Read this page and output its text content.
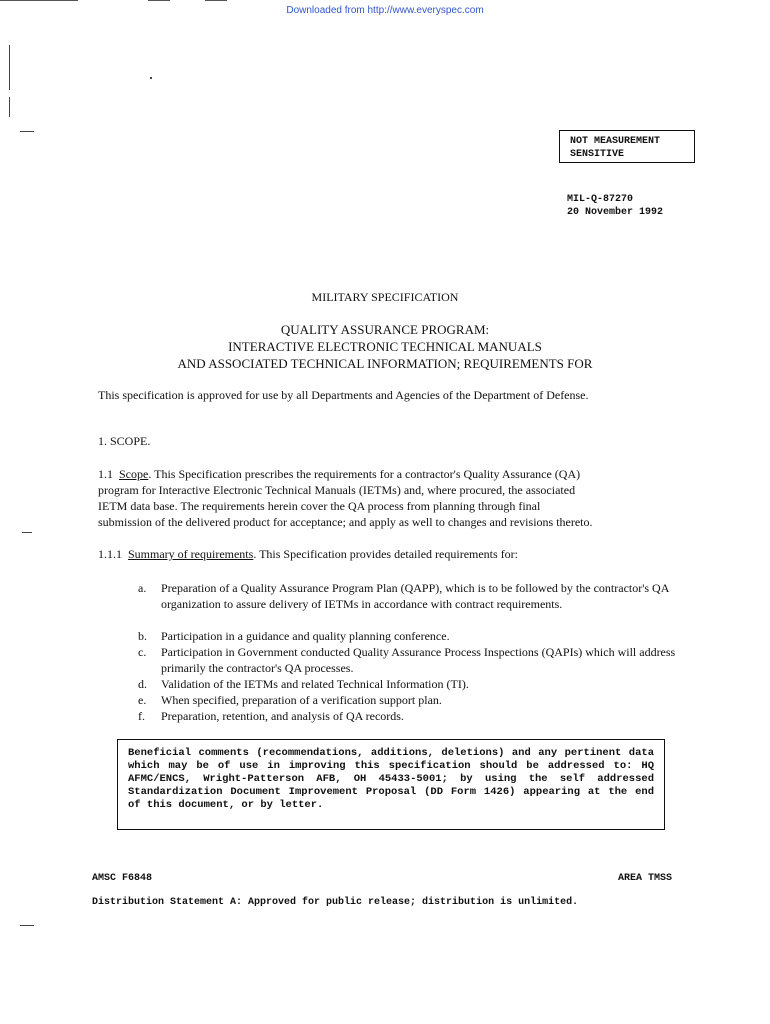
Downloaded from http://www.everyspec.com
NOT MEASUREMENT
SENSITIVE
MIL-Q-87270
20 November 1992
MILITARY SPECIFICATION
QUALITY ASSURANCE PROGRAM:
INTERACTIVE ELECTRONIC TECHNICAL MANUALS
AND ASSOCIATED TECHNICAL INFORMATION; REQUIREMENTS FOR
This specification is approved for use by all Departments and Agencies of the Department of Defense.
1. SCOPE.
1.1 Scope. This Specification prescribes the requirements for a contractor's Quality Assurance (QA)
program for Interactive Electronic Technical Manuals (IETMs) and, where procured, the associated
IETM data base. The requirements herein cover the QA process from planning through final
submission of the delivered product for acceptance; and apply as well to changes and revisions thereto.
1.1.1 Summary of requirements. This Specification provides detailed requirements for:
a. Preparation of a Quality Assurance Program Plan (QAPP), which is to be followed by the contractor's QA organization to assure delivery of IETMs in accordance with contract requirements.
b. Participation in a guidance and quality planning conference.
c. Participation in Government conducted Quality Assurance Process Inspections (QAPIs) which will address primarily the contractor's QA processes.
d. Validation of the IETMs and related Technical Information (TI).
e. When specified, preparation of a verification support plan.
f. Preparation, retention, and analysis of QA records.
Beneficial comments (recommendations, additions, deletions) and any pertinent data which may be of use in improving this specification should be addressed to: HQ AFMC/ENCS, Wright-Patterson AFB, OH 45433-5001; by using the self addressed Standardization Document Improvement Proposal (DD Form 1426) appearing at the end of this document, or by letter.
AMSC F6848	AREA TMSS
Distribution Statement A: Approved for public release; distribution is unlimited.
